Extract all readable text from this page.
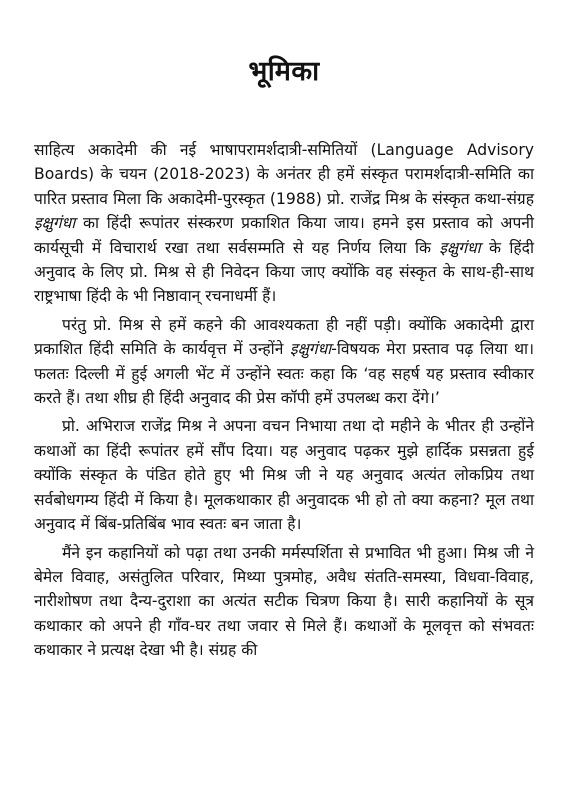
भूमिका

साहित्य अकादेमी की नई भाषापरामर्शदात्री-समितियों (Language Advisory Boards) के चयन (2018-2023) के अनंतर ही हमें संस्कृत परामर्शदात्री-समिति का पारित प्रस्ताव मिला कि अकादेमी-पुरस्कृत (1988) प्रो. राजेंद्र मिश्र के संस्कृत कथा-संग्रह इक्षुगंधा का हिंदी रूपांतर संस्करण प्रकाशित किया जाय। हमने इस प्रस्ताव को अपनी कार्यसूची में विचारार्थ रखा तथा सर्वसम्मति से यह निर्णय लिया कि इक्षुगंधा के हिंदी अनुवाद के लिए प्रो. मिश्र से ही निवेदन किया जाए क्योंकि वह संस्कृत के साथ-ही-साथ राष्ट्रभाषा हिंदी के भी निष्ठावान् रचनाधर्मी हैं।

परंतु प्रो. मिश्र से हमें कहने की आवश्यकता ही नहीं पड़ी। क्योंकि अकादेमी द्वारा प्रकाशित हिंदी समिति के कार्यवृत्त में उन्होंने इक्षुगंधा-विषयक मेरा प्रस्ताव पढ़ लिया था। फलतः दिल्ली में हुई अगली भेंट में उन्होंने स्वतः कहा कि ‘वह सहर्ष यह प्रस्ताव स्वीकार करते हैं। तथा शीघ्र ही हिंदी अनुवाद की प्रेस कॉपी हमें उपलब्ध करा देंगे।’

प्रो. अभिराज राजेंद्र मिश्र ने अपना वचन निभाया तथा दो महीने के भीतर ही उन्होंने कथाओं का हिंदी रूपांतर हमें सौंप दिया। यह अनुवाद पढ़कर मुझे हार्दिक प्रसन्नता हुई क्योंकि संस्कृत के पंडित होते हुए भी मिश्र जी ने यह अनुवाद अत्यंत लोकप्रिय तथा सर्वबोधगम्य हिंदी में किया है। मूलकथाकार ही अनुवादक भी हो तो क्या कहना? मूल तथा अनुवाद में बिंब-प्रतिबिंब भाव स्वतः बन जाता है।

मैंने इन कहानियों को पढ़ा तथा उनकी मर्मस्पर्शिता से प्रभावित भी हुआ। मिश्र जी ने बेमेल विवाह, असंतुलित परिवार, मिथ्या पुत्रमोह, अवैध संतति-समस्या, विधवा-विवाह, नारीशोषण तथा दैन्य-दुराशा का अत्यंत सटीक चित्रण किया है। सारी कहानियों के सूत्र कथाकार को अपने ही गाँव-घर तथा जवार से मिले हैं। कथाओं के मूलवृत्त को संभवतः कथाकार ने प्रत्यक्ष देखा भी है। संग्रह की
